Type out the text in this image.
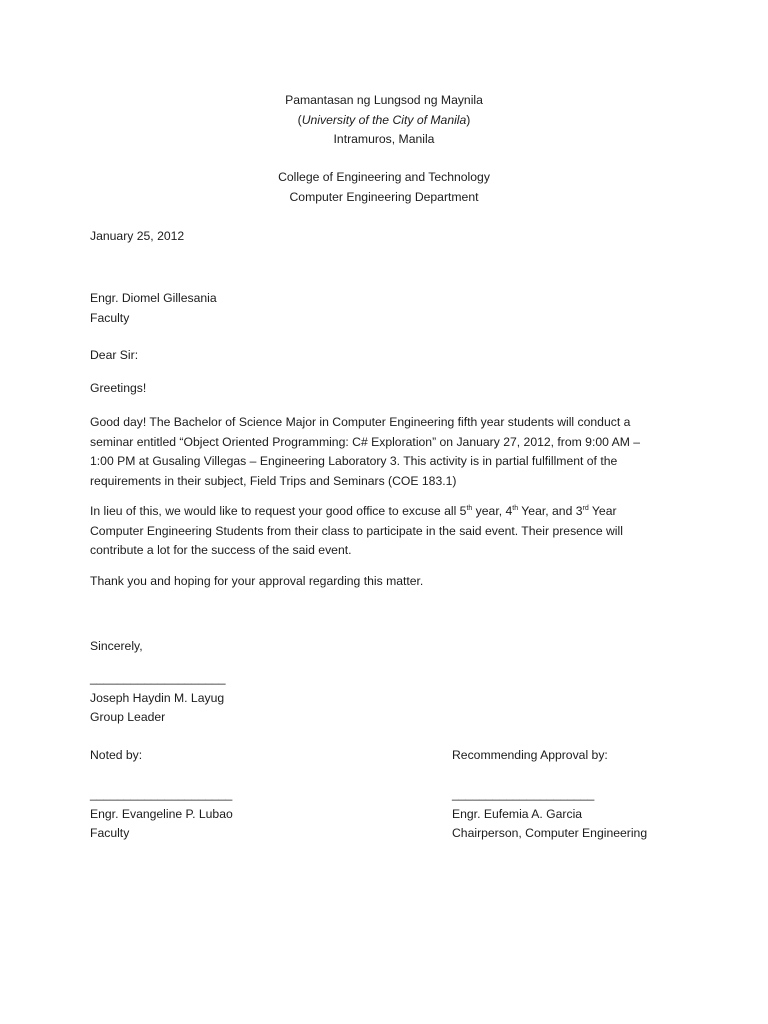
Pamantasan ng Lungsod ng Maynila
(University of the City of Manila)
Intramuros, Manila
College of Engineering and Technology
Computer Engineering Department
January 25, 2012
Engr. Diomel Gillesania
Faculty
Dear Sir:
Greetings!
Good day! The Bachelor of Science Major in Computer Engineering fifth year students will conduct a
seminar entitled “Object Oriented Programming: C# Exploration” on January 27, 2012, from 9:00 AM –
1:00 PM at Gusaling Villegas – Engineering Laboratory 3. This activity is in partial fulfillment of the
requirements in their subject, Field Trips and Seminars (COE 183.1)
In lieu of this, we would like to request your good office to excuse all 5th year, 4th Year, and 3rd Year
Computer Engineering Students from their class to participate in the said event. Their presence will
contribute a lot for the success of the said event.
Thank you and hoping for your approval regarding this matter.
Sincerely,
____________________
Joseph Haydin M. Layug
Group Leader
Noted by:	Recommending Approval by:
_____________________
Engr. Evangeline P. Lubao
Faculty
_____________________
Engr. Eufemia A. Garcia
Chairperson, Computer Engineering
